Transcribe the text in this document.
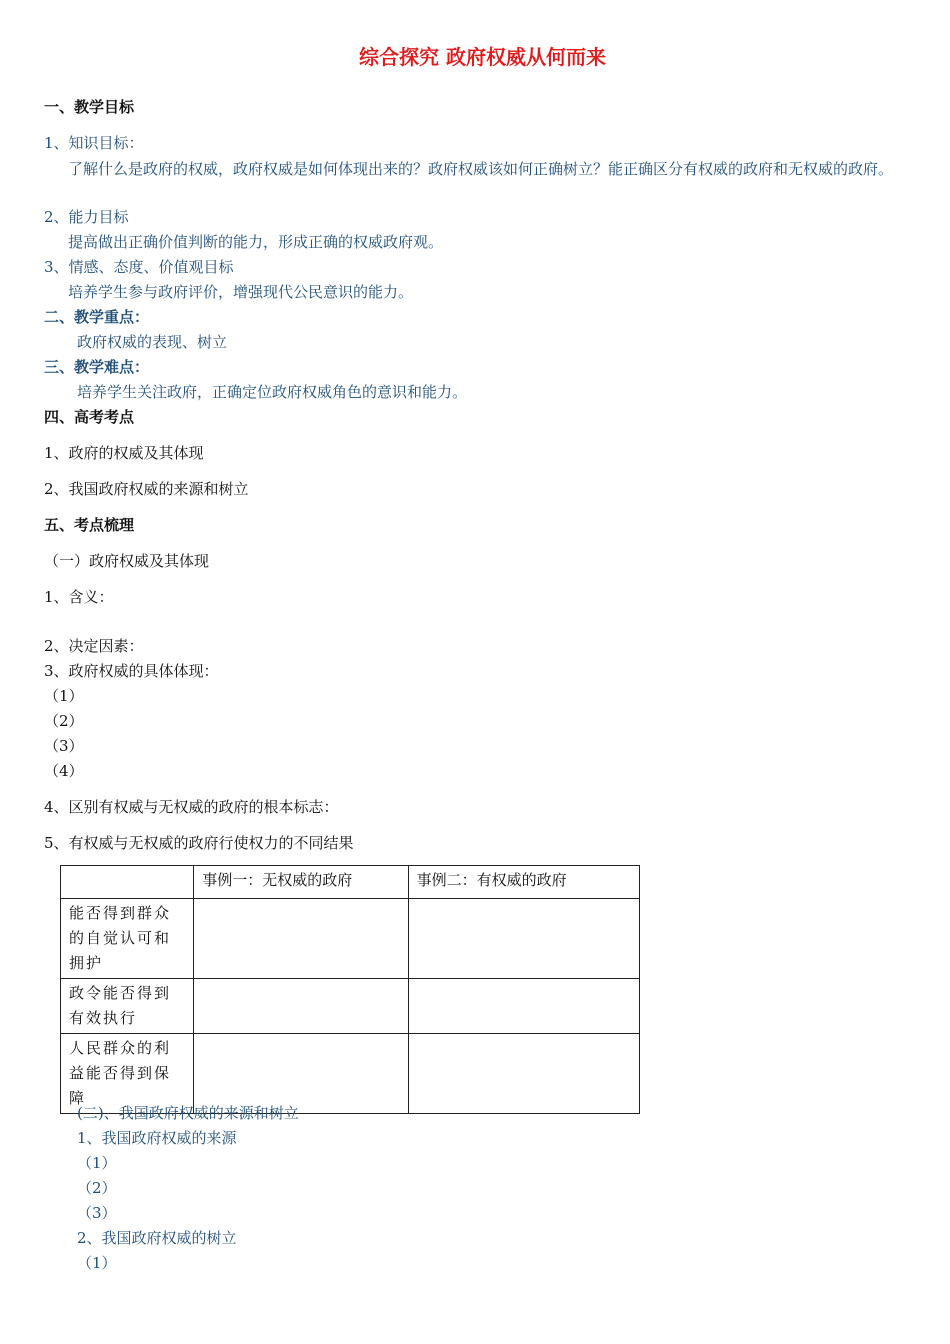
综合探究 政府权威从何而来
一、教学目标
1、知识目标：
了解什么是政府的权威，政府权威是如何体现出来的？政府权威该如何正确树立？能正确区分有权威的政府和无权威的政府。
2、能力目标
提高做出正确价值判断的能力，形成正确的权威政府观。
3、情感、态度、价值观目标
培养学生参与政府评价，增强现代公民意识的能力。
二、教学重点：
政府权威的表现、树立
三、教学难点：
培养学生关注政府，正确定位政府权威角色的意识和能力。
四、高考考点
1、政府的权威及其体现
2、我国政府权威的来源和树立
五、考点梳理
（一）政府权威及其体现
1、含义：
2、决定因素：
3、政府权威的具体体现：
（1）
（2）
（3）
（4）
4、区别有权威与无权威的政府的根本标志：
5、有权威与无权威的政府行使权力的不同结果
	事例一：无权威的政府	事例二：有权威的政府
能否得到群众的自觉认可和拥护		
政令能否得到有效执行		
人民群众的利益能否得到保障		
(二)、我国政府权威的来源和树立
1、我国政府权威的来源
（1）
（2）
（3）
2、我国政府权威的树立
（1）
